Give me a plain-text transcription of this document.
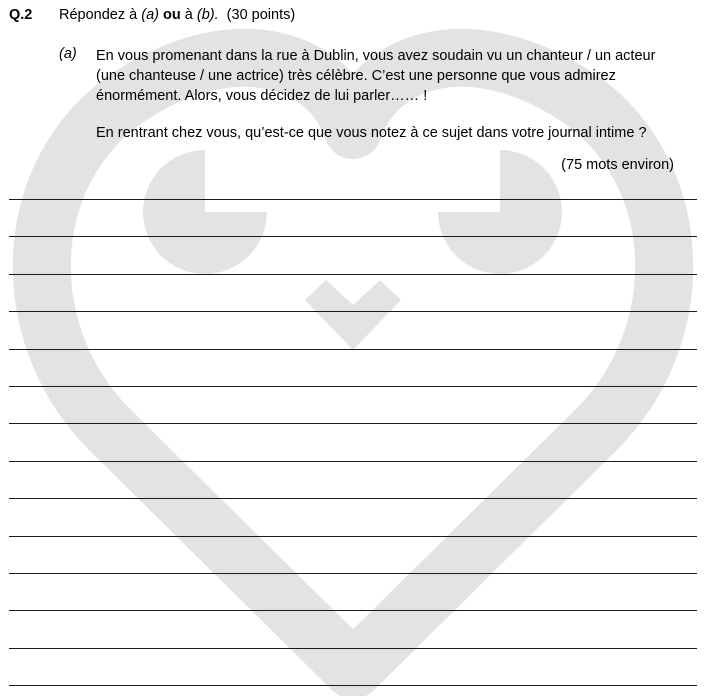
Q.2 Répondez à (a) ou à (b). (30 points)
(a) En vous promenant dans la rue à Dublin, vous avez soudain vu un chanteur / un acteur
(une chanteuse / une actrice) très célèbre. C’est une personne que vous admirez
énormément. Alors, vous décidez de lui parler…… !
En rentrant chez vous, qu’est-ce que vous notez à ce sujet dans votre journal intime ?
(75 mots environ)
